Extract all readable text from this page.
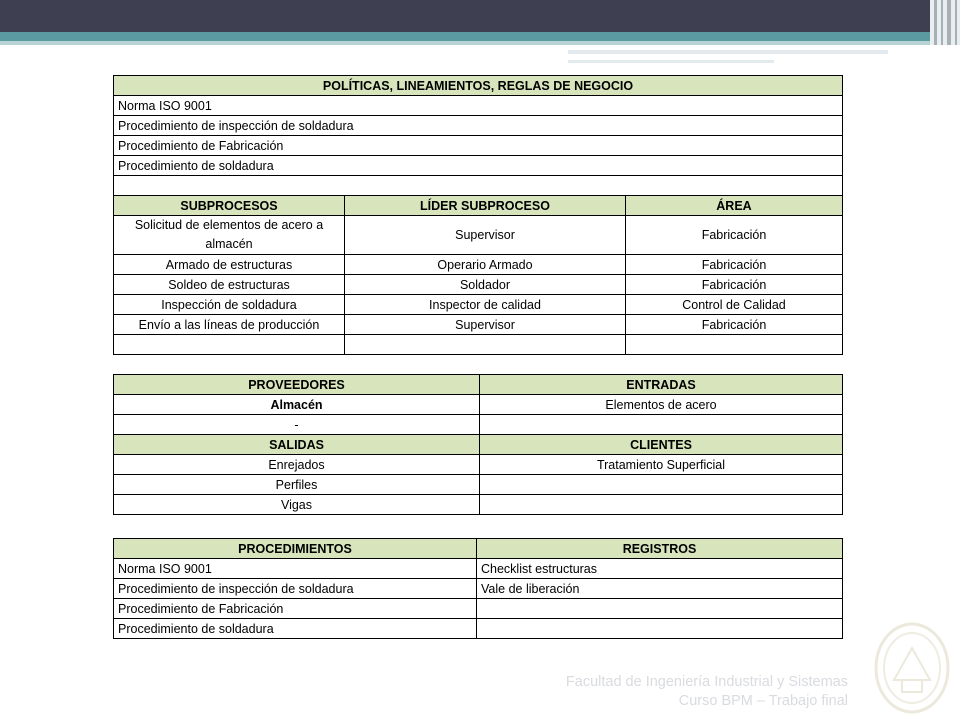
POLÍTICAS, LINEAMIENTOS, REGLAS DE NEGOCIO		
Norma ISO 9001		
Procedimiento de inspección de soldadura		
Procedimiento de Fabricación		
Procedimiento de soldadura		

SUBPROCESOS	LÍDER SUBPROCESO	ÁREA
Solicitud de elementos de acero a almacén	Supervisor	Fabricación
Armado de estructuras	Operario Armado	Fabricación
Soldeo de estructuras	Soldador	Fabricación
Inspección de soldadura	Inspector de calidad	Control de Calidad
Envío a las líneas de producción	Supervisor	Fabricación

PROVEEDORES	ENTRADAS
Almacén	Elementos de acero
-	
SALIDAS	CLIENTES
Enrejados	Tratamiento Superficial
Perfiles	
Vigas	
PROCEDIMIENTOS	REGISTROS
Norma ISO 9001	Checklist estructuras
Procedimiento de inspección de soldadura	Vale de liberación
Procedimiento de Fabricación	
Procedimiento de soldadura	
Facultad de Ingeniería Industrial y Sistemas
Curso BPM – Trabajo final
